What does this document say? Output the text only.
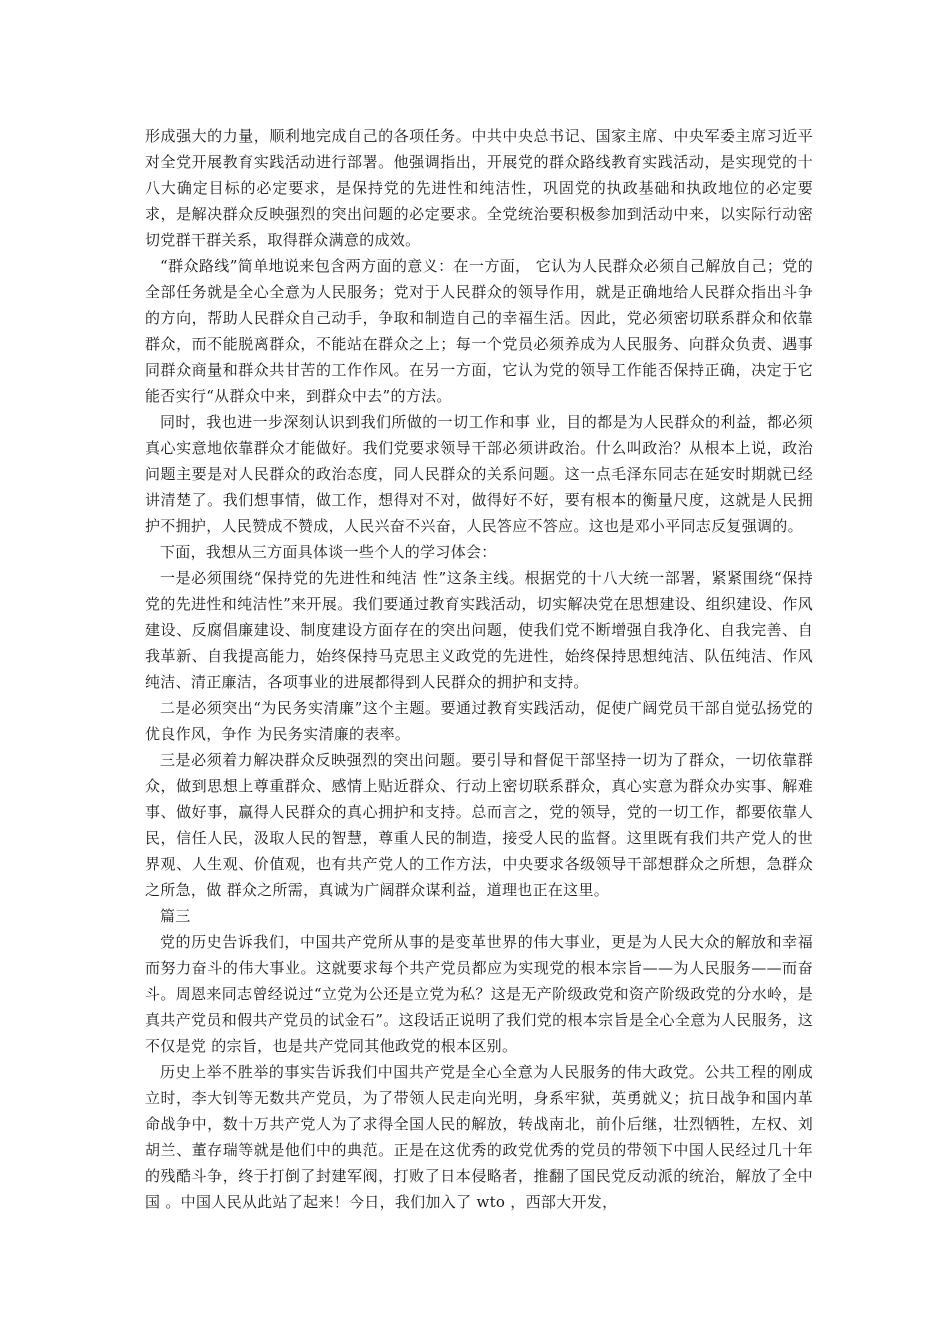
形成强大的力量，顺利地完成自己的各项任务。中共中央总书记、国家主席、中央军委主席习近平对全党开展教育实践活动进行部署。他强调指出，开展党的群众路线教育实践活动，是实现党的十八大确定目标的必定要求，是保持党的先进性和纯洁性，巩固党的执政基础和执政地位的必定要求，是解决群众反映强烈的突出问题的必定要求。全党统治要积极参加到活动中来，以实际行动密切党群干群关系，取得群众满意的成效。

“群众路线”简单地说来包含两方面的意义：在一方面， 它认为人民群众必须自己解放自己；党的全部任务就是全心全意为人民服务；党对于人民群众的领导作用，就是正确地给人民群众指出斗争的方向，帮助人民群众自己动手，争取和制造自己的幸福生活。因此，党必须密切联系群众和依靠群众，而不能脱离群众，不能站在群众之上；每一个党员必须养成为人民服务、向群众负责、遇事同群众商量和群众共甘苦的工作作风。在另一方面，它认为党的领导工作能否保持正确，决定于它能否实行“从群众中来，到群众中去”的方法。

同时，我也进一步深刻认识到我们所做的一切工作和事 业，目的都是为人民群众的利益，都必须真心实意地依靠群众才能做好。我们党要求领导干部必须讲政治。什么叫政治？从根本上说，政治问题主要是对人民群众的政治态度，同人民群众的关系问题。这一点毛泽东同志在延安时期就已经讲清楚了。我们想事情，做工作，想得对不对，做得好不好，要有根本的衡量尺度，这就是人民拥护不拥护，人民赞成不赞成，人民兴奋不兴奋，人民答应不答应。这也是邓小平同志反复强调的。

下面，我想从三方面具体谈一些个人的学习体会：

一是必须围绕“保持党的先进性和纯洁 性”这条主线。根据党的十八大统一部署，紧紧围绕“保持党的先进性和纯洁性”来开展。我们要通过教育实践活动，切实解决党在思想建设、组织建设、作风建设、反腐倡廉建设、制度建设方面存在的突出问题，使我们党不断增强自我净化、自我完善、自我革新、自我提高能力，始终保持马克思主义政党的先进性，始终保持思想纯洁、队伍纯洁、作风纯洁、清正廉洁，各项事业的进展都得到人民群众的拥护和支持。

二是必须突出“为民务实清廉”这个主题。要通过教育实践活动，促使广阔党员干部自觉弘扬党的优良作风，争作 为民务实清廉的表率。

三是必须着力解决群众反映强烈的突出问题。要引导和督促干部坚持一切为了群众，一切依靠群众，做到思想上尊重群众、感情上贴近群众、行动上密切联系群众，真心实意为群众办实事、解难事、做好事，赢得人民群众的真心拥护和支持。总而言之，党的领导，党的一切工作，都要依靠人民，信任人民，汲取人民的智慧，尊重人民的制造，接受人民的监督。这里既有我们共产党人的世界观、人生观、价值观，也有共产党人的工作方法，中央要求各级领导干部想群众之所想，急群众之所急，做 群众之所需，真诚为广阔群众谋利益，道理也正在这里。

篇三

党的历史告诉我们，中国共产党所从事的是变革世界的伟大事业，更是为人民大众的解放和幸福而努力奋斗的伟大事业。这就要求每个共产党员都应为实现党的根本宗旨——为人民服务——而奋斗。周恩来同志曾经说过“立党为公还是立党为私？这是无产阶级政党和资产阶级政党的分水岭，是真共产党员和假共产党员的试金石”。这段话正说明了我们党的根本宗旨是全心全意为人民服务，这不仅是党 的宗旨，也是共产党同其他政党的根本区别。

历史上举不胜举的事实告诉我们中国共产党是全心全意为人民服务的伟大政党。公共工程的刚成立时，李大钊等无数共产党员，为了带领人民走向光明，身系牢狱，英勇就义；抗日战争和国内革命战争中，数十万共产党人为了求得全国人民的解放，转战南北，前仆后继，壮烈牺牲，左权、刘胡兰、董存瑞等就是他们中的典范。正是在这优秀的政党优秀的党员的带领下中国人民经过几十年的残酷斗争，终于打倒了封建军阀，打败了日本侵略者，推翻了国民党反动派的统治，解放了全中国 。中国人民从此站了起来！今日，我们加入了 wto ，西部大开发，
